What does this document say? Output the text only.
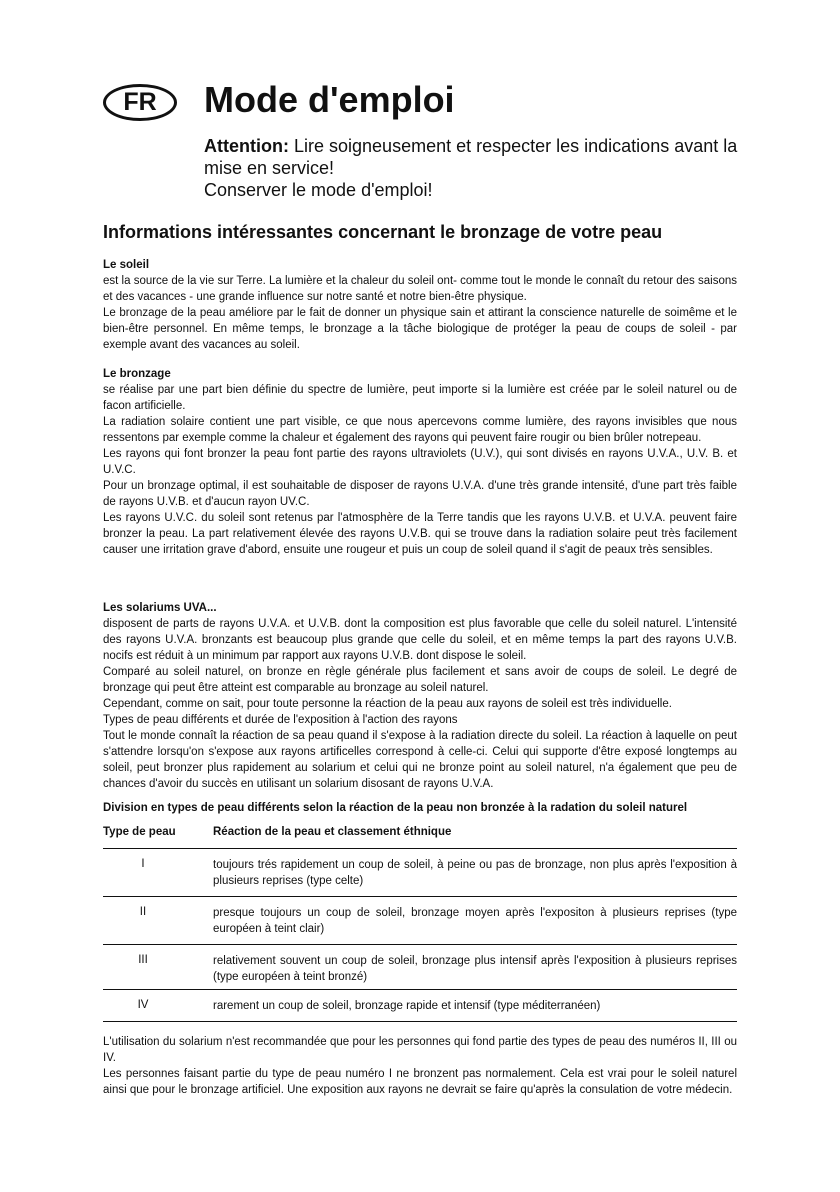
FR Mode d'emploi

Attention: Lire soigneusement et respecter les indications avant la mise en service!

Conserver le mode d'emploi!

Informations intéressantes concernant le bronzage de votre peau
Le soleil

est la source de la vie sur Terre. La lumière et la chaleur du soleil ont- comme tout le monde le connaît du retour des saisons et des vacances - une grande influence sur notre santé et notre bien-être physique.

Le bronzage de la peau améliore par le fait de donner un physique sain et attirant la conscience naturelle de soimême et le bien-être personnel. En même temps, le bronzage a la tâche biologique de protéger la peau de coups de soleil - par exemple avant des vacances au soleil.

Le bronzage

se réalise par une part bien définie du spectre de lumière, peut importe si la lumière est créée par le soleil naturel ou de facon artificielle.

La radiation solaire contient une part visible, ce que nous apercevons comme lumière, des rayons invisibles que nous ressentons par exemple comme la chaleur et également des rayons qui peuvent faire rougir ou bien brûler notrepeau.

Les rayons qui font bronzer la peau font partie des rayons ultraviolets (U.V.), qui sont divisés en rayons U.V.A., U.V. B. et U.V.C.

Pour un bronzage optimal, il est souhaitable de disposer de rayons U.V.A. d'une très grande intensité, d'une part très faible de rayons U.V.B. et d'aucun rayon UV.C.

Les rayons U.V.C. du soleil sont retenus par l'atmosphère de la Terre tandis que les rayons U.V.B. et U.V.A. peuvent faire bronzer la peau. La part relativement élevée des rayons U.V.B. qui se trouve dans la radiation solaire peut très facilement causer une irritation grave d'abord, ensuite une rougeur et puis un coup de soleil quand il s'agit de peaux très sensibles.

Les solariums UVA...

disposent de parts de rayons U.V.A. et U.V.B. dont la composition est plus favorable que celle du soleil naturel. L'intensité des rayons U.V.A. bronzants est beaucoup plus grande que celle du soleil, et en même temps la part des rayons U.V.B. nocifs est réduit à un minimum par rapport aux rayons U.V.B. dont dispose le soleil.

Comparé au soleil naturel, on bronze en règle générale plus facilement et sans avoir de coups de soleil. Le degré de bronzage qui peut être atteint est comparable au bronzage au soleil naturel.

Cependant, comme on sait, pour toute personne la réaction de la peau aux rayons de soleil est très individuelle.

Types de peau différents et durée de l'exposition à l'action des rayons

Tout le monde connaît la réaction de sa peau quand il s'expose à la radiation directe du soleil. La réaction à laquelle on peut s'attendre lorsqu'on s'expose aux rayons artificelles correspond à celle-ci. Celui qui supporte d'être exposé longtemps au soleil, peut bronzer plus rapidement au solarium et celui qui ne bronze point au soleil naturel, n'a également que peu de chances d'avoir du succès en utilisant un solarium disosant de rayons U.V.A.

Division en types de peau différents selon la réaction de la peau non bronzée à la radation du soleil naturel
Type de peau	Réaction de la peau et classement éthnique
I	toujours trés rapidement un coup de soleil, à peine ou pas de bronzage, non plus après l'exposition à plusieurs reprises (type celte)

II	presque toujours un coup de soleil, bronzage moyen après l'expositon à plusieurs reprises (type européen à teint clair)

III	relativement souvent un coup de soleil, bronzage plus intensif après l'exposition à plusieurs reprises (type européen à teint bronzé)

IV	rarement un coup de soleil, bronzage rapide et intensif (type méditerranéen)

L'utilisation du solarium n'est recommandée que pour les personnes qui fond partie des types de peau des numéros II, III ou IV.

Les personnes faisant partie du type de peau numéro I ne bronzent pas normalement. Cela est vrai pour le soleil naturel ainsi que pour le bronzage artificiel. Une exposition aux rayons ne devrait se faire qu'après la consulation de votre médecin.
